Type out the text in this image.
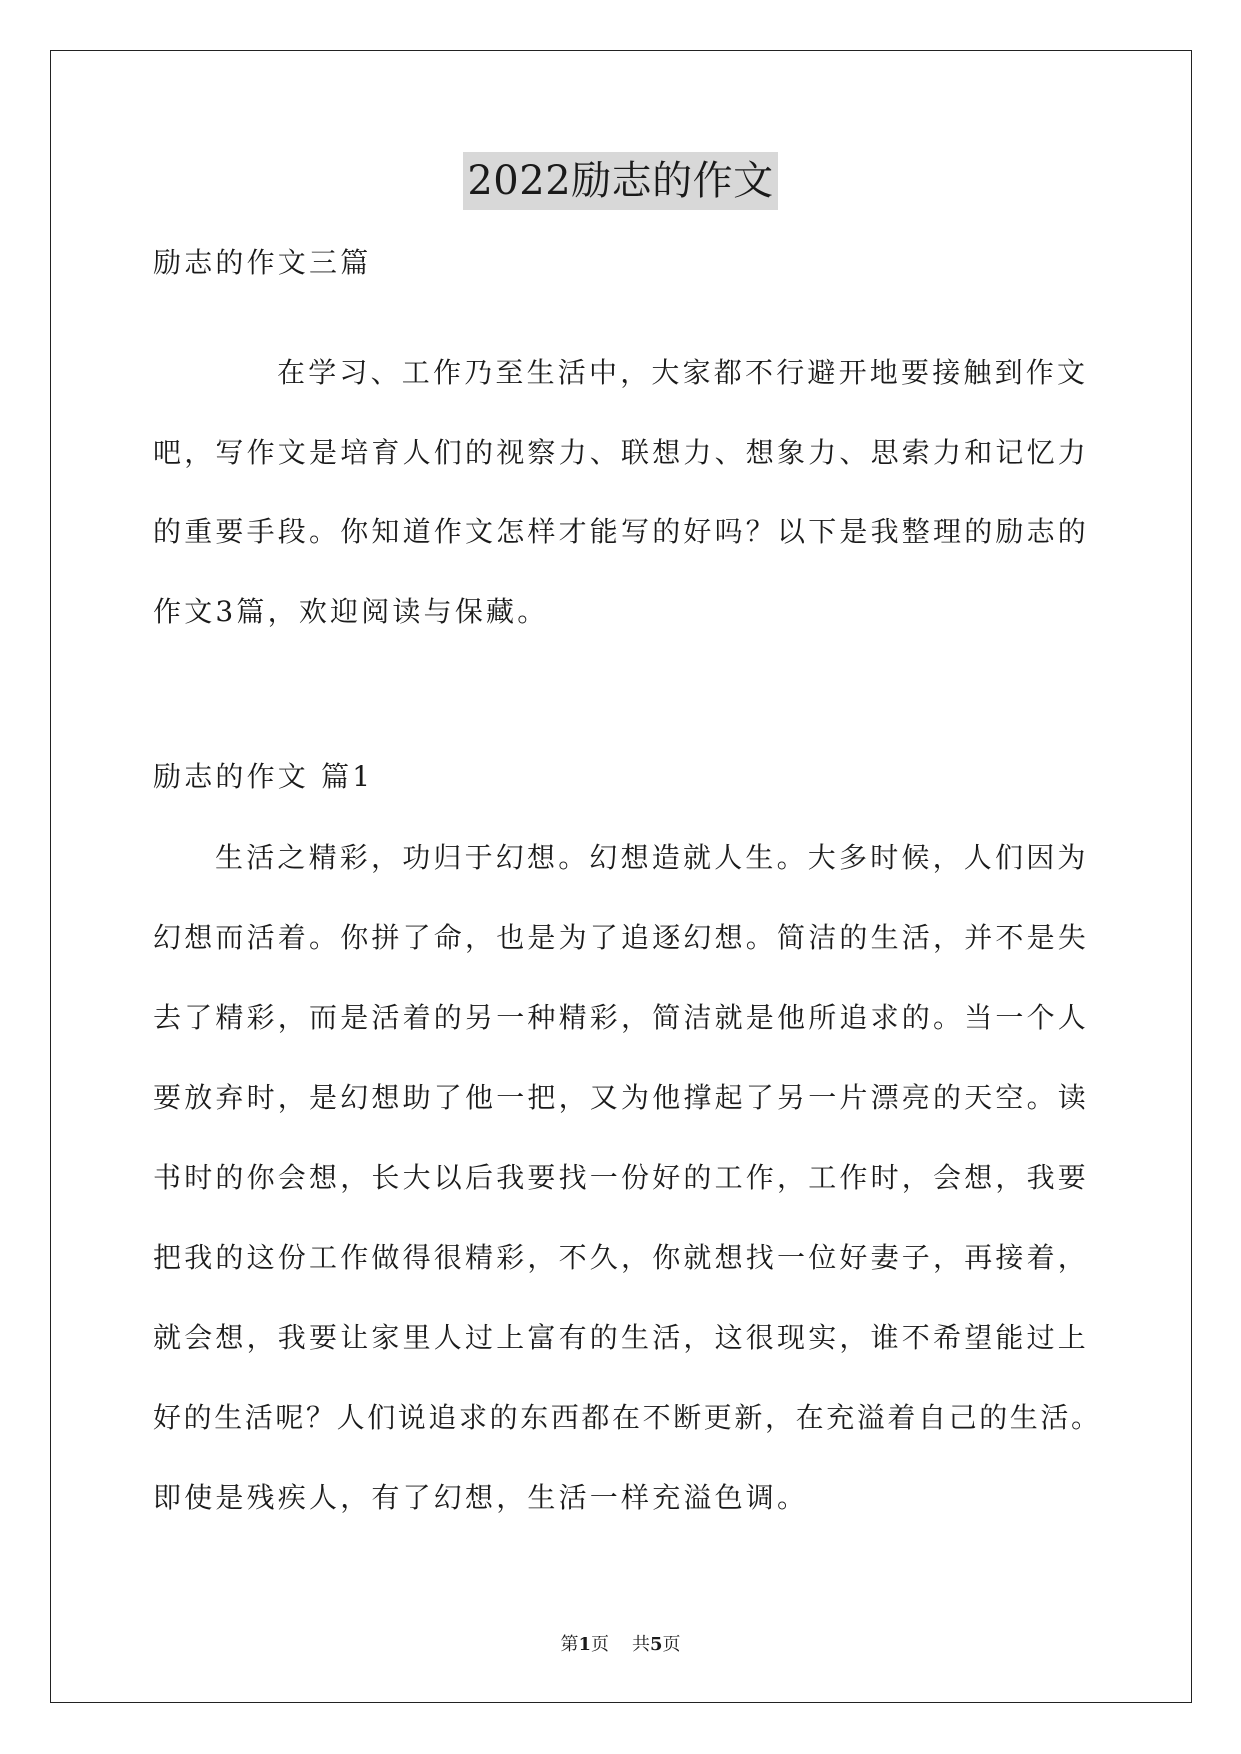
2022励志的作文
励志的作文三篇
在学习、工作乃至生活中，大家都不行避开地要接触到作文
吧，写作文是培育人们的视察力、联想力、想象力、思索力和记忆力
的重要手段。你知道作文怎样才能写的好吗？以下是我整理的励志的
作文3篇，欢迎阅读与保藏。
励志的作文 篇1
生活之精彩，功归于幻想。幻想造就人生。大多时候，人们因为
幻想而活着。你拼了命，也是为了追逐幻想。简洁的生活，并不是失
去了精彩，而是活着的另一种精彩，简洁就是他所追求的。当一个人
要放弃时，是幻想助了他一把，又为他撑起了另一片漂亮的天空。读
书时的你会想，长大以后我要找一份好的工作，工作时，会想，我要
把我的这份工作做得很精彩，不久，你就想找一位好妻子，再接着，
就会想，我要让家里人过上富有的生活，这很现实，谁不希望能过上
好的生活呢？人们说追求的东西都在不断更新，在充溢着自己的生活。
即使是残疾人，有了幻想，生活一样充溢色调。
第1页 共5页
